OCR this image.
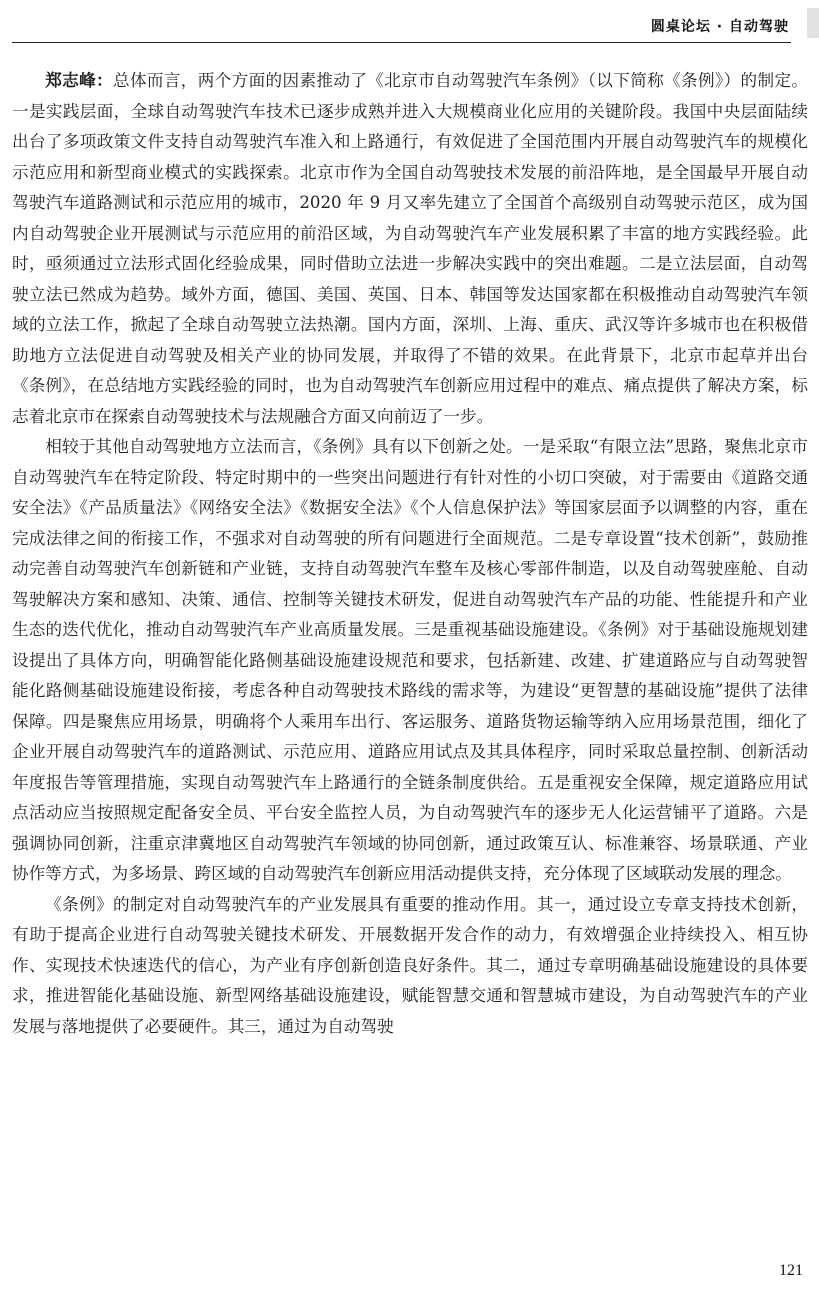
圆桌论坛 · 自动驾驶

郑志峰：总体而言，两个方面的因素推动了《北京市自动驾驶汽车条例》（以下简称《条例》）的制定。一是实践层面，全球自动驾驶汽车技术已逐步成熟并进入大规模商业化应用的关键阶段。我国中央层面陆续出台了多项政策文件支持自动驾驶汽车准入和上路通行，有效促进了全国范围内开展自动驾驶汽车的规模化示范应用和新型商业模式的实践探索。北京市作为全国自动驾驶技术发展的前沿阵地，是全国最早开展自动驾驶汽车道路测试和示范应用的城市，2020 年 9 月又率先建立了全国首个高级别自动驾驶示范区，成为国内自动驾驶企业开展测试与示范应用的前沿区域，为自动驾驶汽车产业发展积累了丰富的地方实践经验。此时，亟须通过立法形式固化经验成果，同时借助立法进一步解决实践中的突出难题。二是立法层面，自动驾驶立法已然成为趋势。域外方面，德国、美国、英国、日本、韩国等发达国家都在积极推动自动驾驶汽车领域的立法工作，掀起了全球自动驾驶立法热潮。国内方面，深圳、上海、重庆、武汉等许多城市也在积极借助地方立法促进自动驾驶及相关产业的协同发展，并取得了不错的效果。在此背景下，北京市起草并出台《条例》，在总结地方实践经验的同时，也为自动驾驶汽车创新应用过程中的难点、痛点提供了解决方案，标志着北京市在探索自动驾驶技术与法规融合方面又向前迈了一步。

相较于其他自动驾驶地方立法而言，《条例》具有以下创新之处。一是采取“有限立法”思路，聚焦北京市自动驾驶汽车在特定阶段、特定时期中的一些突出问题进行有针对性的小切口突破，对于需要由《道路交通安全法》《产品质量法》《网络安全法》《数据安全法》《个人信息保护法》等国家层面予以调整的内容，重在完成法律之间的衔接工作，不强求对自动驾驶的所有问题进行全面规范。二是专章设置“技术创新”，鼓励推动完善自动驾驶汽车创新链和产业链，支持自动驾驶汽车整车及核心零部件制造，以及自动驾驶座舱、自动驾驶解决方案和感知、决策、通信、控制等关键技术研发，促进自动驾驶汽车产品的功能、性能提升和产业生态的迭代优化，推动自动驾驶汽车产业高质量发展。三是重视基础设施建设。《条例》对于基础设施规划建设提出了具体方向，明确智能化路侧基础设施建设规范和要求，包括新建、改建、扩建道路应与自动驾驶智能化路侧基础设施建设衔接，考虑各种自动驾驶技术路线的需求等，为建设“更智慧的基础设施”提供了法律保障。四是聚焦应用场景，明确将个人乘用车出行、客运服务、道路货物运输等纳入应用场景范围，细化了企业开展自动驾驶汽车的道路测试、示范应用、道路应用试点及其具体程序，同时采取总量控制、创新活动年度报告等管理措施，实现自动驾驶汽车上路通行的全链条制度供给。五是重视安全保障，规定道路应用试点活动应当按照规定配备安全员、平台安全监控人员，为自动驾驶汽车的逐步无人化运营铺平了道路。六是强调协同创新，注重京津冀地区自动驾驶汽车领域的协同创新，通过政策互认、标准兼容、场景联通、产业协作等方式，为多场景、跨区域的自动驾驶汽车创新应用活动提供支持，充分体现了区域联动发展的理念。

《条例》的制定对自动驾驶汽车的产业发展具有重要的推动作用。其一，通过设立专章支持技术创新，有助于提高企业进行自动驾驶关键技术研发、开展数据开发合作的动力，有效增强企业持续投入、相互协作、实现技术快速迭代的信心，为产业有序创新创造良好条件。其二，通过专章明确基础设施建设的具体要求，推进智能化基础设施、新型网络基础设施建设，赋能智慧交通和智慧城市建设，为自动驾驶汽车的产业发展与落地提供了必要硬件。其三，通过为自动驾驶

121
